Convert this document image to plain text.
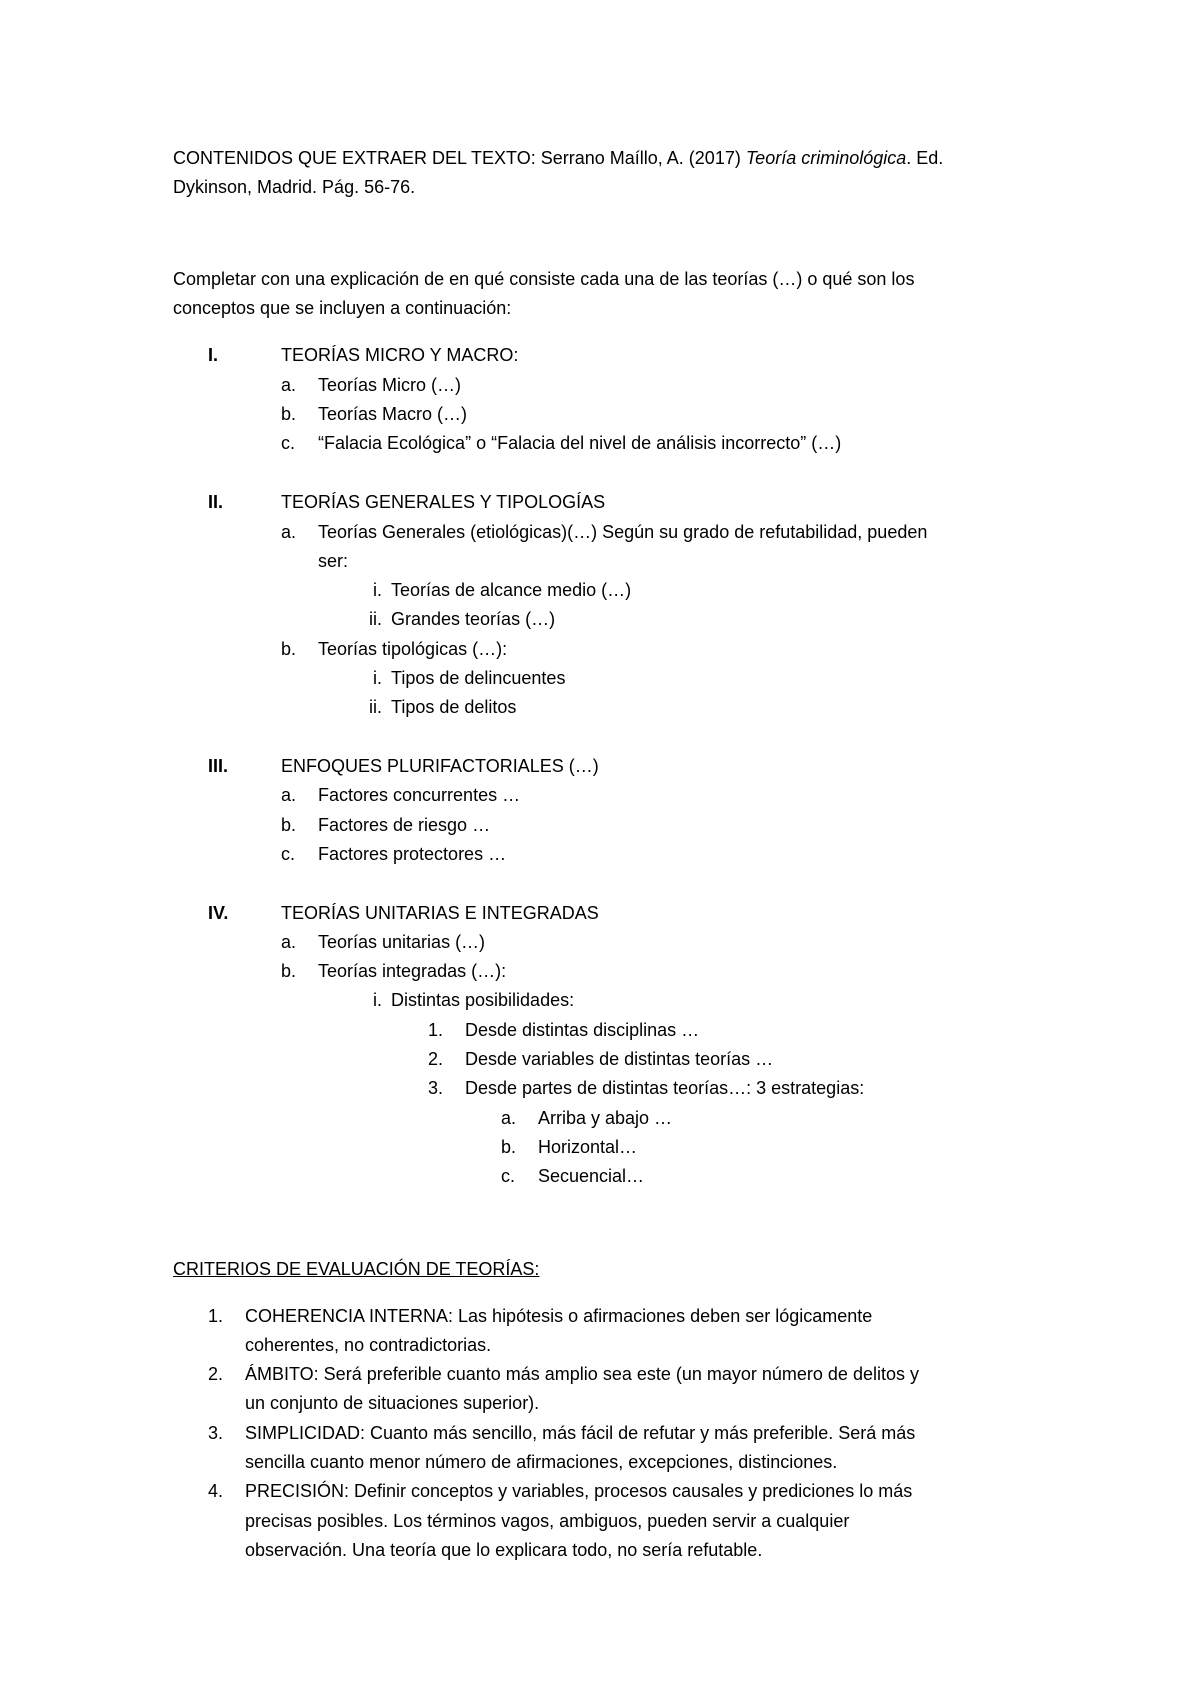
CONTENIDOS QUE EXTRAER DEL TEXTO: Serrano Maíllo, A. (2017) Teoría criminológica. Ed.

Dykinson, Madrid. Pág. 56-76.

Completar con una explicación de en qué consiste cada una de las teorías (…) o qué son los

conceptos que se incluyen a continuación:

I.	TEORÍAS MICRO Y MACRO:
a. Teorías Micro (…)
b. Teorías Macro (…)
c. “Falacia Ecológica” o “Falacia del nivel de análisis incorrecto” (…)
II.	TEORÍAS GENERALES Y TIPOLOGÍAS
a. Teorías Generales (etiológicas)(…) Según su grado de refutabilidad, pueden
ser:
i. Teorías de alcance medio (…)
ii. Grandes teorías (…)
b. Teorías tipológicas (…):
i. Tipos de delincuentes
ii. Tipos de delitos
III.	ENFOQUES PLURIFACTORIALES (…)
a. Factores concurrentes …
b. Factores de riesgo …
c. Factores protectores …
IV.	TEORÍAS UNITARIAS E INTEGRADAS
a. Teorías unitarias (…)
b. Teorías integradas (…):
i. Distintas posibilidades:
1. Desde distintas disciplinas …
2. Desde variables de distintas teorías …
3. Desde partes de distintas teorías…: 3 estrategias:
a. Arriba y abajo …
b. Horizontal…
c. Secuencial…

CRITERIOS DE EVALUACIÓN DE TEORÍAS:

1. COHERENCIA INTERNA: Las hipótesis o afirmaciones deben ser lógicamente
coherentes, no contradictorias.
2. ÁMBITO: Será preferible cuanto más amplio sea este (un mayor número de delitos y
un conjunto de situaciones superior).
3. SIMPLICIDAD: Cuanto más sencillo, más fácil de refutar y más preferible. Será más
sencilla cuanto menor número de afirmaciones, excepciones, distinciones.
4. PRECISIÓN: Definir conceptos y variables, procesos causales y prediciones lo más
precisas posibles. Los términos vagos, ambiguos, pueden servir a cualquier
observación. Una teoría que lo explicara todo, no sería refutable.
